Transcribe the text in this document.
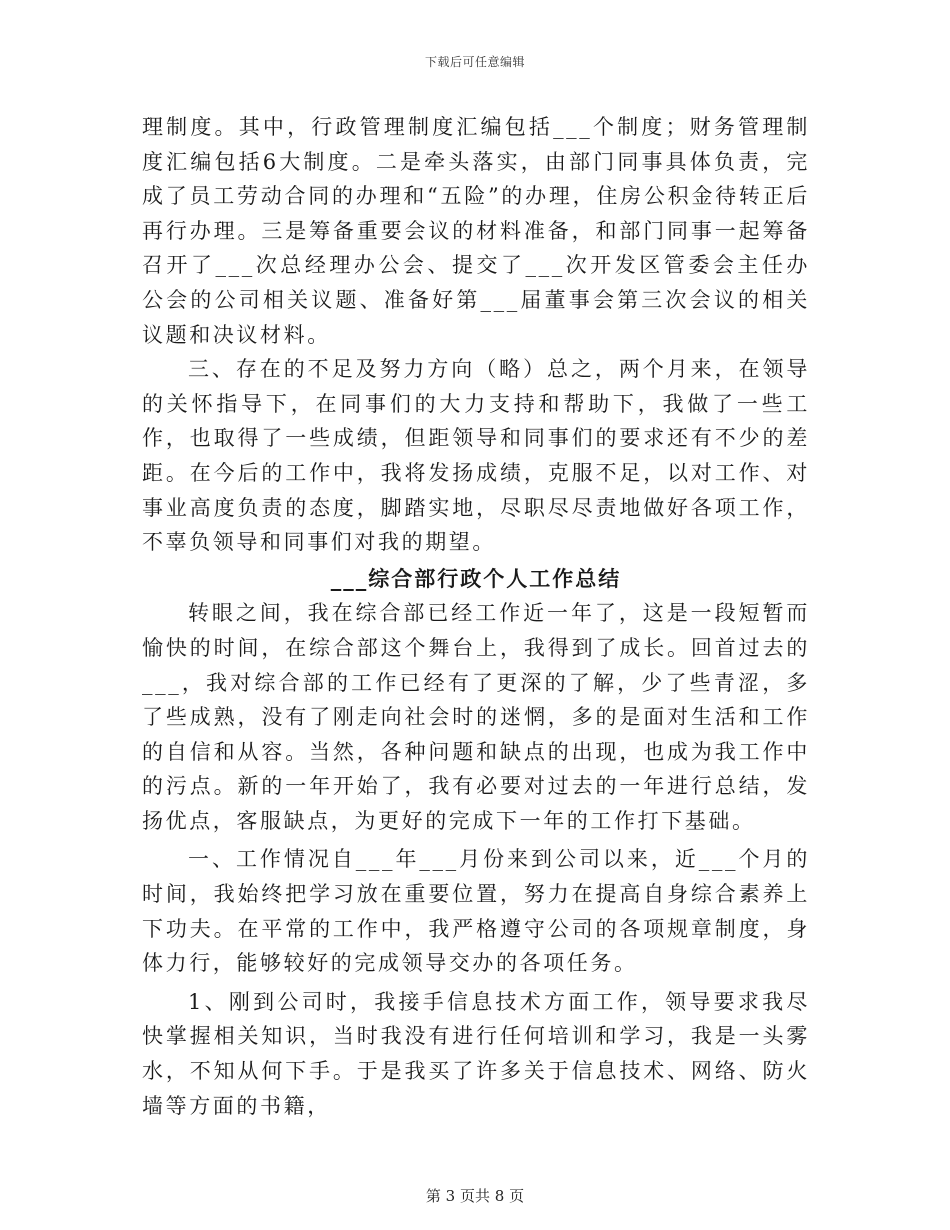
下载后可任意编辑

理制度。其中，行政管理制度汇编包括___个制度；财务管理制度汇编包括6大制度。二是牵头落实，由部门同事具体负责，完成了员工劳动合同的办理和“五险”的办理，住房公积金待转正后再行办理。三是筹备重要会议的材料准备，和部门同事一起筹备召开了___次总经理办公会、提交了___次开发区管委会主任办公会的公司相关议题、准备好第___届董事会第三次会议的相关议题和决议材料。

三、存在的不足及努力方向（略）总之，两个月来，在领导的关怀指导下，在同事们的大力支持和帮助下，我做了一些工作，也取得了一些成绩，但距领导和同事们的要求还有不少的差距。在今后的工作中，我将发扬成绩，克服不足，以对工作、对事业高度负责的态度，脚踏实地，尽职尽尽责地做好各项工作，不辜负领导和同事们对我的期望。

___综合部行政个人工作总结

转眼之间，我在综合部已经工作近一年了，这是一段短暂而愉快的时间，在综合部这个舞台上，我得到了成长。回首过去的___，我对综合部的工作已经有了更深的了解，少了些青涩，多了些成熟，没有了刚走向社会时的迷惘，多的是面对生活和工作的自信和从容。当然，各种问题和缺点的出现，也成为我工作中的污点。新的一年开始了，我有必要对过去的一年进行总结，发扬优点，客服缺点，为更好的完成下一年的工作打下基础。

一、工作情况自___年___月份来到公司以来，近___个月的时间，我始终把学习放在重要位置，努力在提高自身综合素养上下功夫。在平常的工作中，我严格遵守公司的各项规章制度，身体力行，能够较好的完成领导交办的各项任务。

1、刚到公司时，我接手信息技术方面工作，领导要求我尽快掌握相关知识，当时我没有进行任何培训和学习，我是一头雾水，不知从何下手。于是我买了许多关于信息技术、网络、防火墙等方面的书籍，

第 3 页共 8 页
